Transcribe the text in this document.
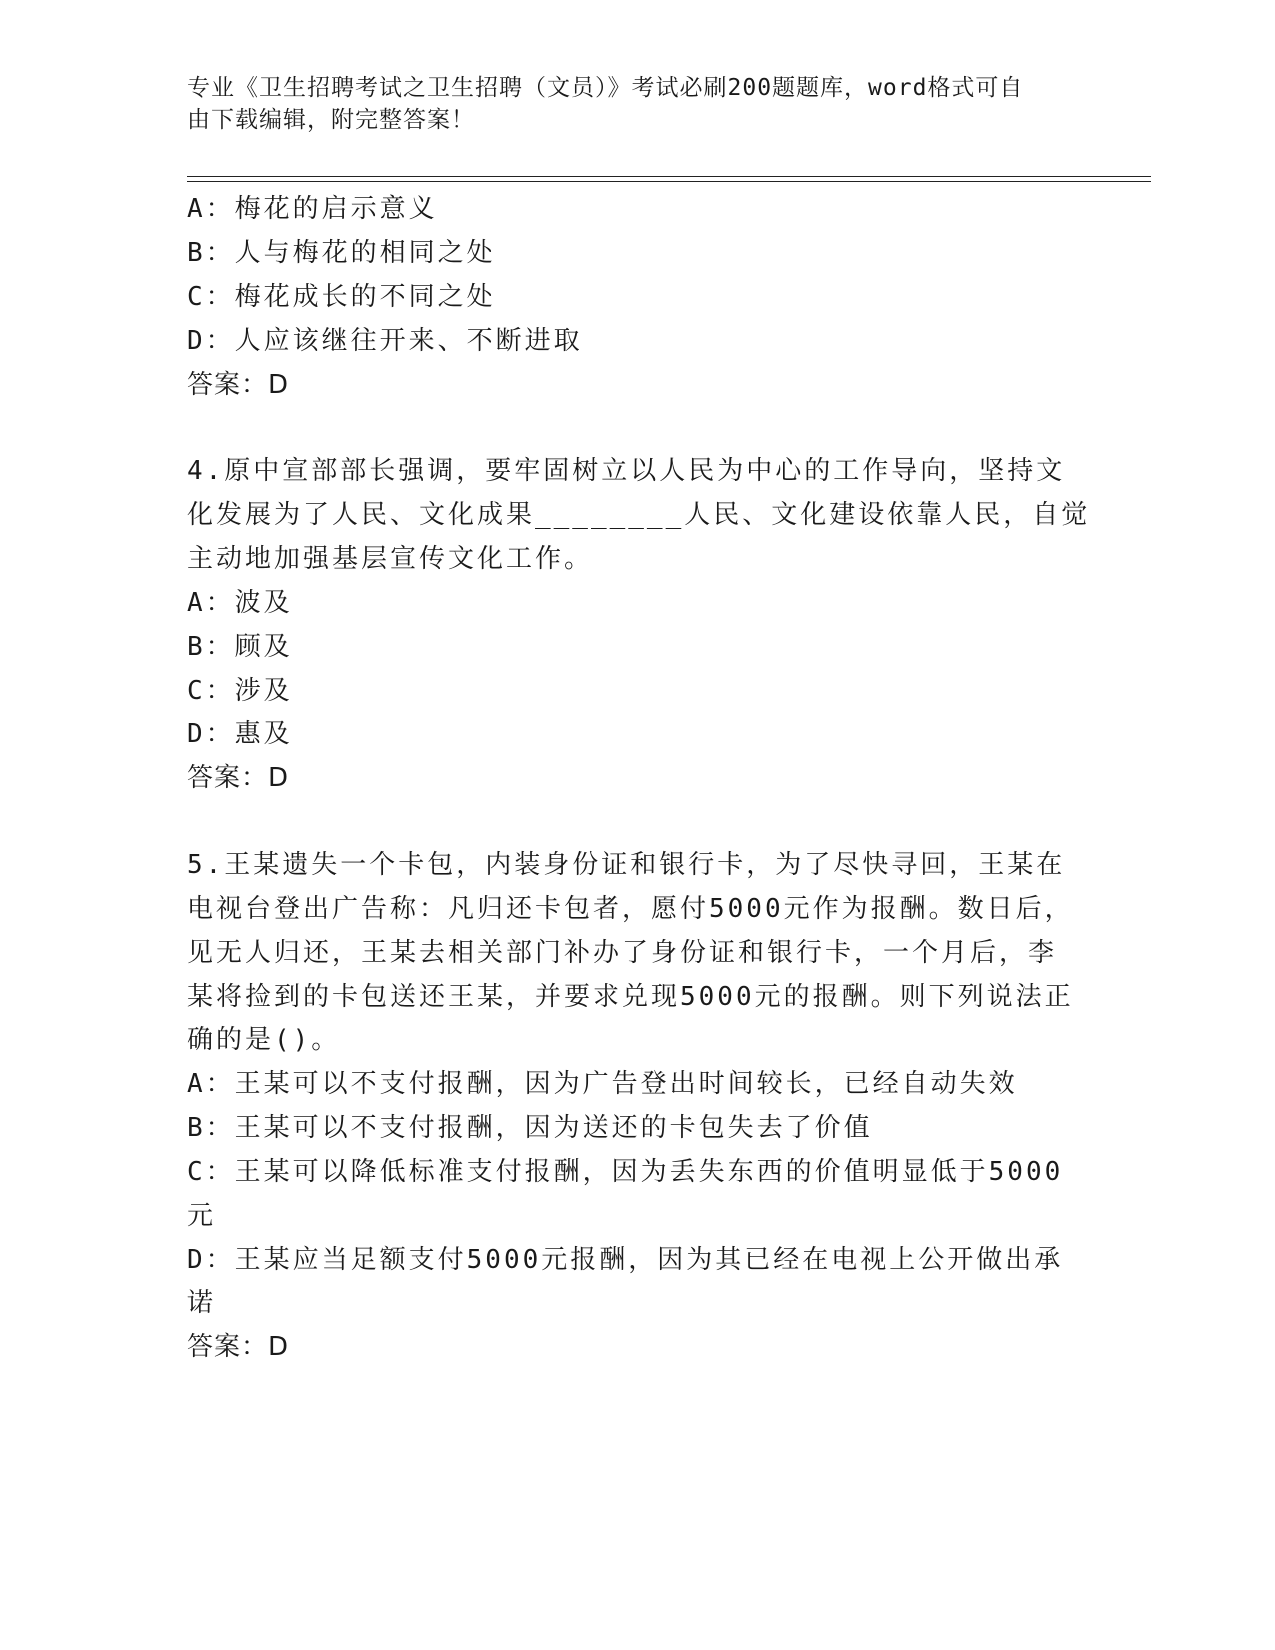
专业《卫生招聘考试之卫生招聘（文员）》考试必刷200题题库，word格式可自
由下载编辑，附完整答案！
A：梅花的启示意义
B：人与梅花的相同之处
C：梅花成长的不同之处
D：人应该继往开来、不断进取
答案：D
4.原中宣部部长强调，要牢固树立以人民为中心的工作导向，坚持文
化发展为了人民、文化成果________人民、文化建设依靠人民，自觉
主动地加强基层宣传文化工作。
A：波及
B：顾及
C：涉及
D：惠及
答案：D
5.王某遗失一个卡包，内装身份证和银行卡，为了尽快寻回，王某在
电视台登出广告称：凡归还卡包者，愿付5000元作为报酬。数日后，
见无人归还，王某去相关部门补办了身份证和银行卡，一个月后，李
某将捡到的卡包送还王某，并要求兑现5000元的报酬。则下列说法正
确的是()。
A：王某可以不支付报酬，因为广告登出时间较长，已经自动失效
B：王某可以不支付报酬，因为送还的卡包失去了价值
C：王某可以降低标准支付报酬，因为丢失东西的价值明显低于5000
元
D：王某应当足额支付5000元报酬，因为其已经在电视上公开做出承
诺
答案：D
